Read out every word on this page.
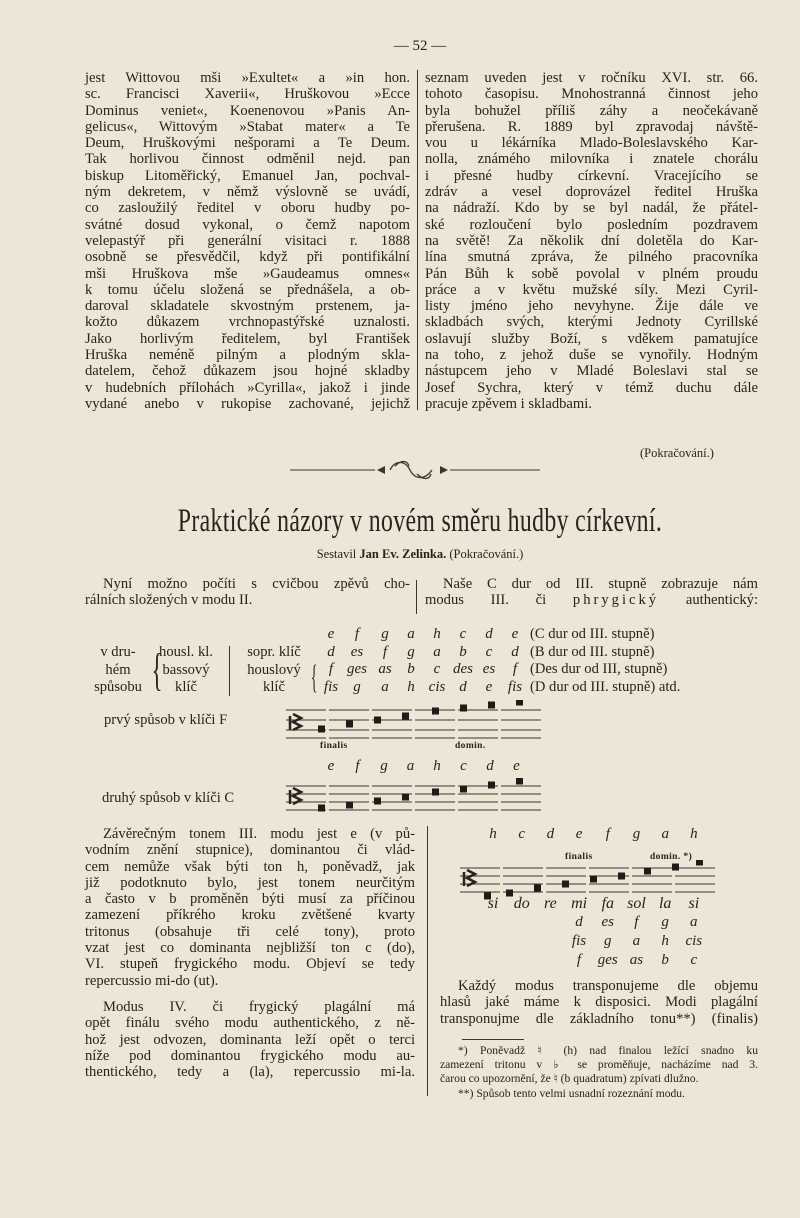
— 52 —
jest Wittovou mši »Exultet« a »in hon.
sc. Francisci Xaverii«, Hruškovou »Ecce
Dominus veniet«, Koenenovou »Panis An-
gelicus«, Wittovým »Stabat mater« a Te
Deum, Hruškovými nešporami a Te Deum.
Tak horlivou činnost odměnil nejd. pan
biskup Litoměřický, Emanuel Jan, pochval-
ným dekretem, v němž výslovně se uvádí,
co zasloužilý ředitel v oboru hudby po-
svátné dosud vykonal, o čemž napotom
velepastýř při generální visitaci r. 1888
osobně se přesvědčil, když při pontifikální
mši Hruškova mše »Gaudeamus omnes«
k tomu účelu složená se přednášela, a ob-
daroval skladatele skvostným prstenem, ja-
kožto důkazem vrchnopastýřské uznalosti.
Jako horlivým ředitelem, byl František
Hruška neméně pilným a plodným skla-
datelem, čehož důkazem jsou hojné skladby
v hudebních přílohách »Cyrilla«, jakož i jinde
vydané anebo v rukopise zachované, jejichž
seznam uveden jest v ročníku XVI. str. 66.
tohoto časopisu. Mnohostranná činnost jeho
byla bohužel příliš záhy a neočekávaně
přerušena. R. 1889 byl zpravodaj návště-
vou u lékárníka Mlado-Boleslavského Kar-
nolla, známého milovníka i znatele chorálu
i přesné hudby církevní. Vracejícího se
zdráv a vesel doprovázel ředitel Hruška
na nádraží. Kdo by se byl nadál, že přátel-
ské rozloučení bylo posledním pozdravem
na světě! Za několik dní doletěla do Kar-
lína smutná zpráva, že pilného pracovníka
Pán Bůh k sobě povolal v plném proudu
práce a v květu mužské síly. Mezi Cyril-
listy jméno jeho nevyhyne. Žije dále ve
skladbách svých, kterými Jednoty Cyrillské
oslavují služby Boží, s vděkem pamatujíce
na toho, z jehož duše se vynořily. Hodným
nástupcem jeho v Mladé Boleslavi stal se
Josef Sychra, který v témž duchu dále
pracuje zpěvem i skladbami.
(Pokračování.)
Praktické názory v novém směru hudby církevní.
Sestavil Jan Ev. Zelinka. (Pokračování.)
Nyní možno počíti s cvičbou zpěvů cho-
rálních složených v modu II.
Naše C dur od III. stupně zobrazuje nám
modus III. či phrygický authentický:
v dru-
hém
spůsobu {
housl. kl.
bassový
klíč
sopr. klíč
houslový
klíč {
e	f	g	a	h	c	d	e (C dur od III. stupně)
d	es	f	g	a	b	c	d (B dur od III. stupně)
f ges as	b	c des es	f (Des dur od III, stupně)
fis	g	a	h cis d	e	fis (D dur od III. stupně) atd.
prvý spůsob v klíči F
finalis	domin.
e	f	g	a	h	c	d	e
druhý spůsob v klíči C
Závěrečným tonem III. modu jest e (v pů-
vodním znění stupnice), dominantou či vlád-
cem nemůže však býti ton h, poněvadž, jak
již podotknuto bylo, jest tonem neurčitým
a často v b proměněn býti musí za příčinou
zamezení příkrého kroku zvětšené kvarty
tritonus (obsahuje tři celé tony), proto
vzat jest co dominanta nejbližší ton c (do),
VI. stupeň frygického modu. Objeví se tedy
repercussio mi-do (ut).
Modus IV. či frygický plagální má
opět finálu svého modu authentického, z ně-
hož jest odvozen, dominanta leží opět o terci
níže pod dominantou frygického modu au-
thentického, tedy a (la), repercussio mi-la.
h	c	d	e	f	g	a	h
finalis	domin. *)
si do re mi fa sol la	si
d	es	f	g	a
fis	g	a	h	cis
f	ges as	b	c
Každý modus transponujeme dle objemu
hlasů jaké máme k disposici. Modi plagální
transponujme dle základního tonu**) (finalis)
*) Poněvadž ♮ (h) nad finalou ležící snadno ku
zamezení tritonu v ♭ se proměňuje, nacházíme nad 3.
čarou co upozornění, že ♮ (b quadratum) zpívati dlužno.
**) Spůsob tento velmi usnadní rozeznání modu.
